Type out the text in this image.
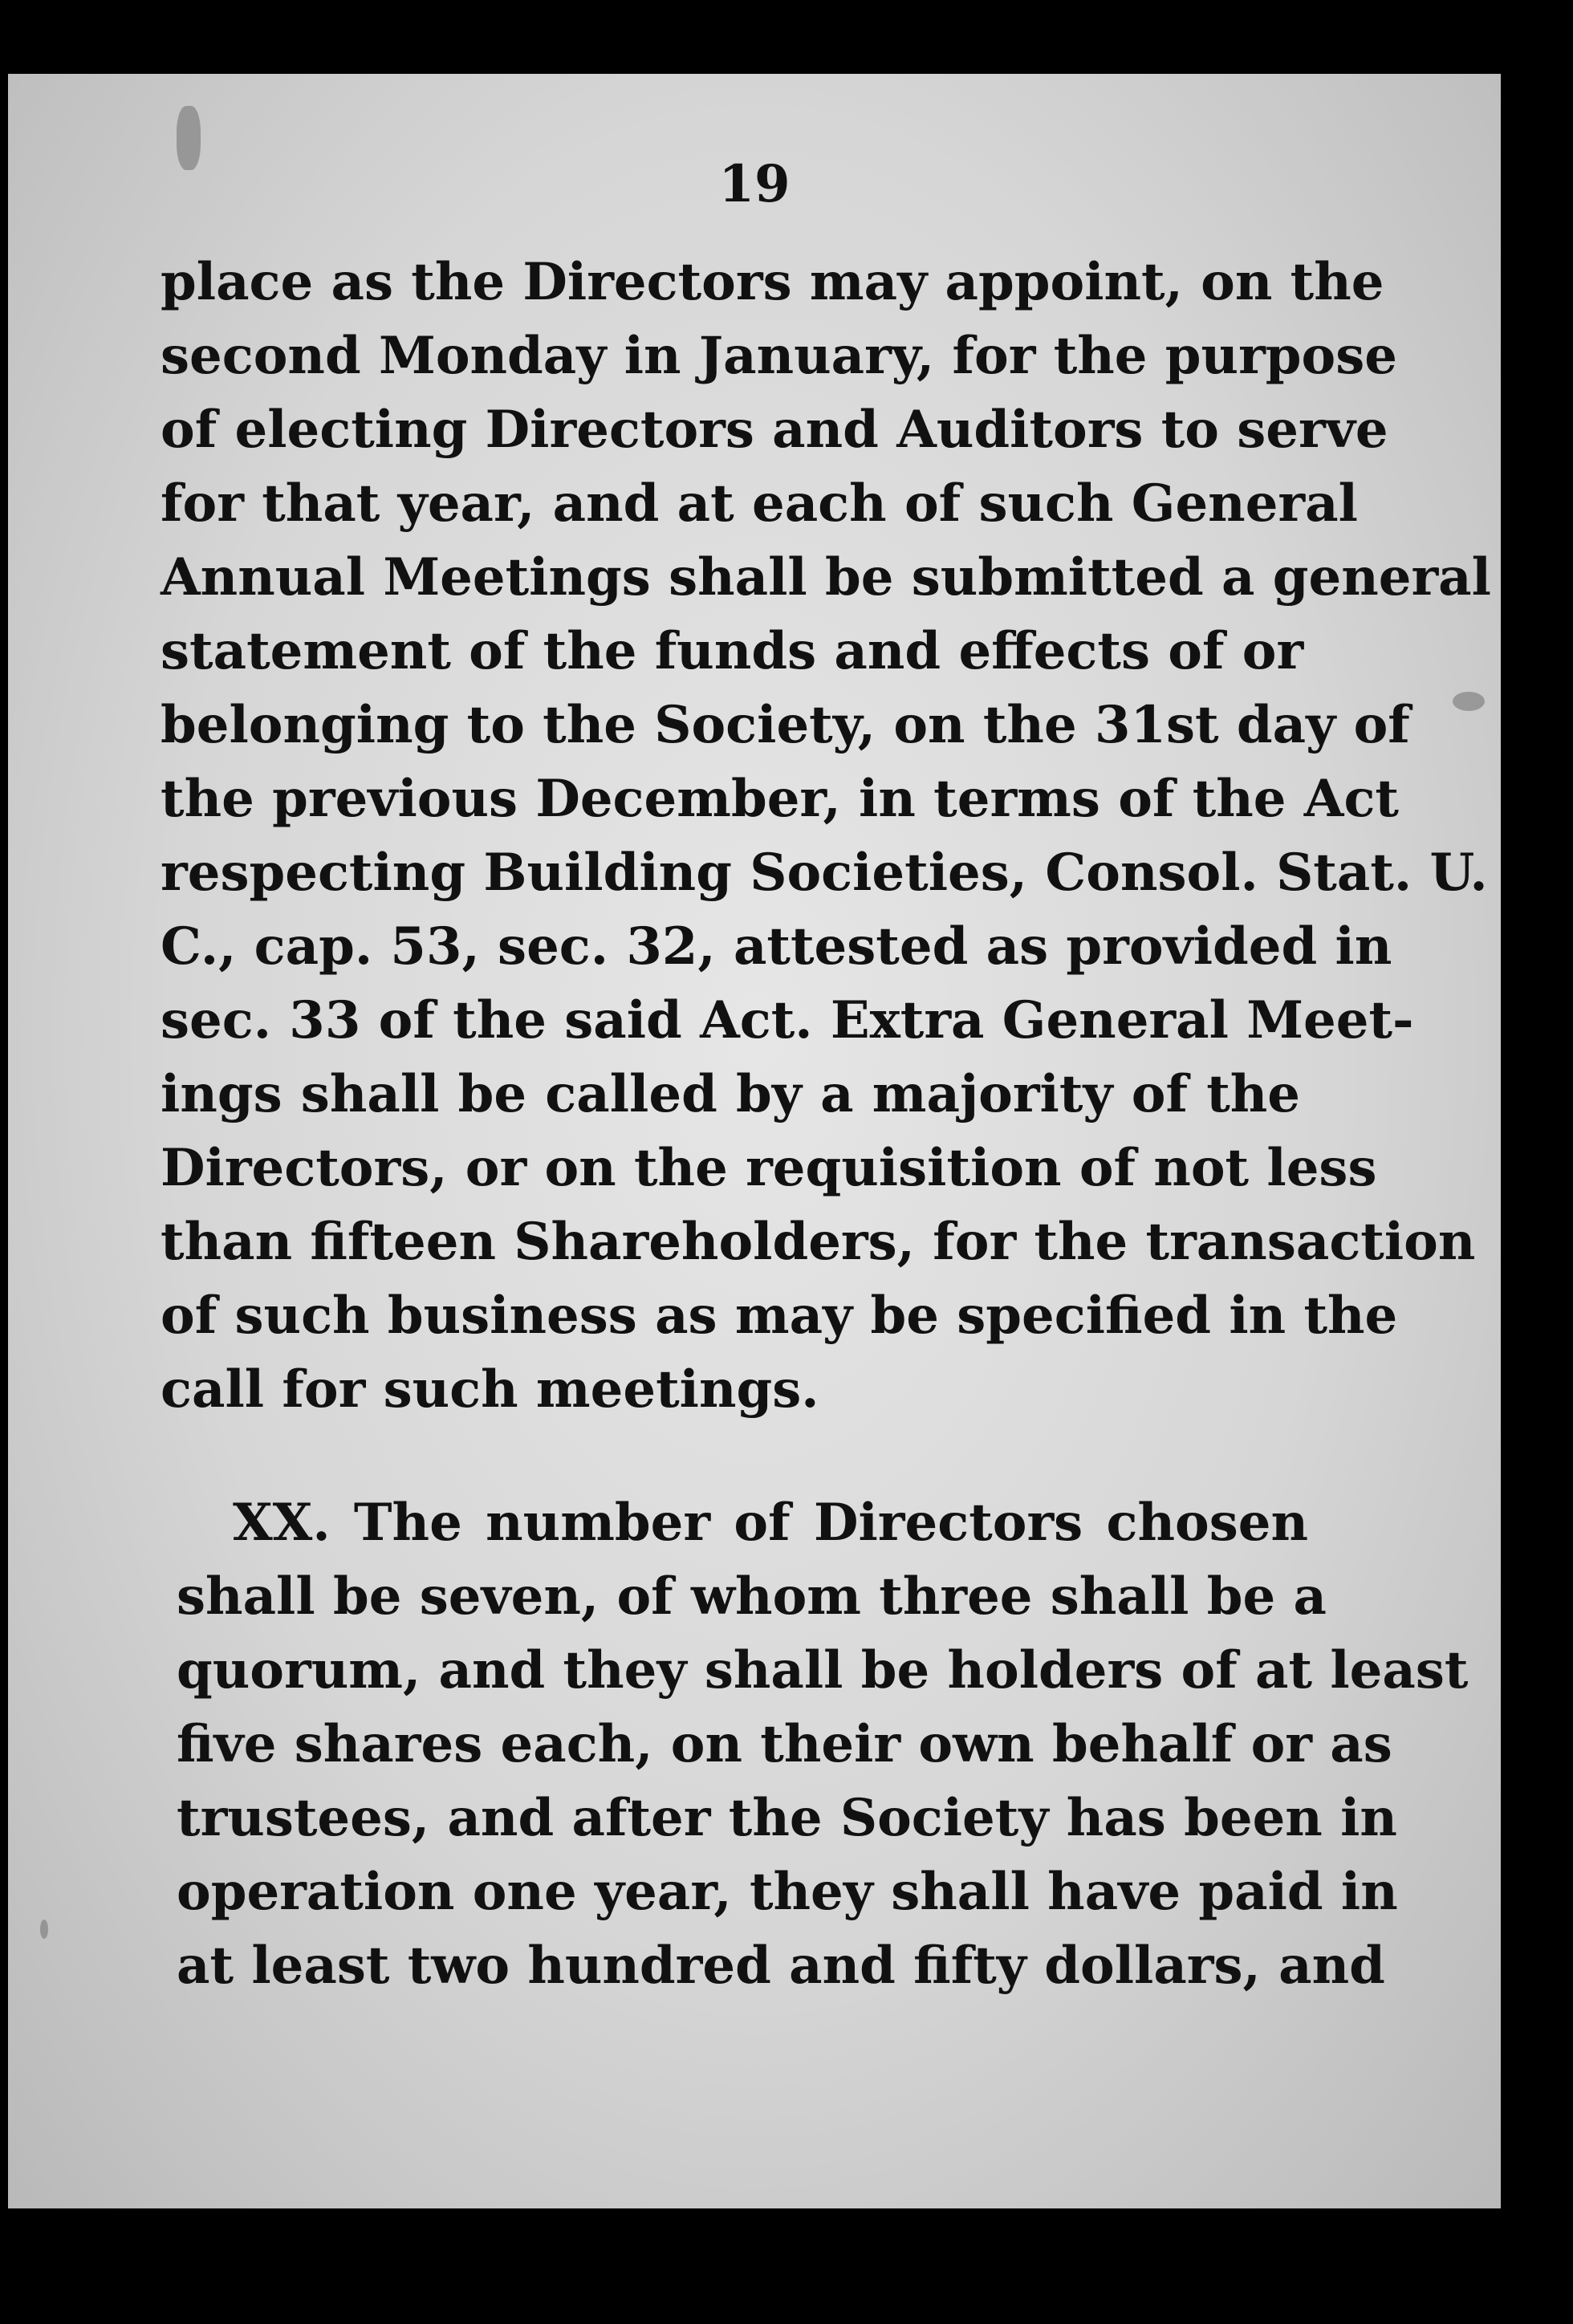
19
place as the Directors may appoint, on the
second Monday in January, for the purpose
of electing Directors and Auditors to serve
for that year, and at each of such General
Annual Meetings shall be submitted a general
statement of the funds and effects of or
belonging to the Society, on the 31st day of
the previous December, in terms of the Act
respecting Building Societies, Consol. Stat. U.
C., cap. 53, sec. 32, attested as provided in
sec. 33 of the said Act. Extra General Meet-
ings shall be called by a majority of the
Directors, or on the requisition of not less
than fifteen Shareholders, for the transaction
of such business as may be specified in the
call for such meetings.
XX. The number of Directors chosen
shall be seven, of whom three shall be a
quorum, and they shall be holders of at least
five shares each, on their own behalf or as
trustees, and after the Society has been in
operation one year, they shall have paid in
at least two hundred and fifty dollars, and
